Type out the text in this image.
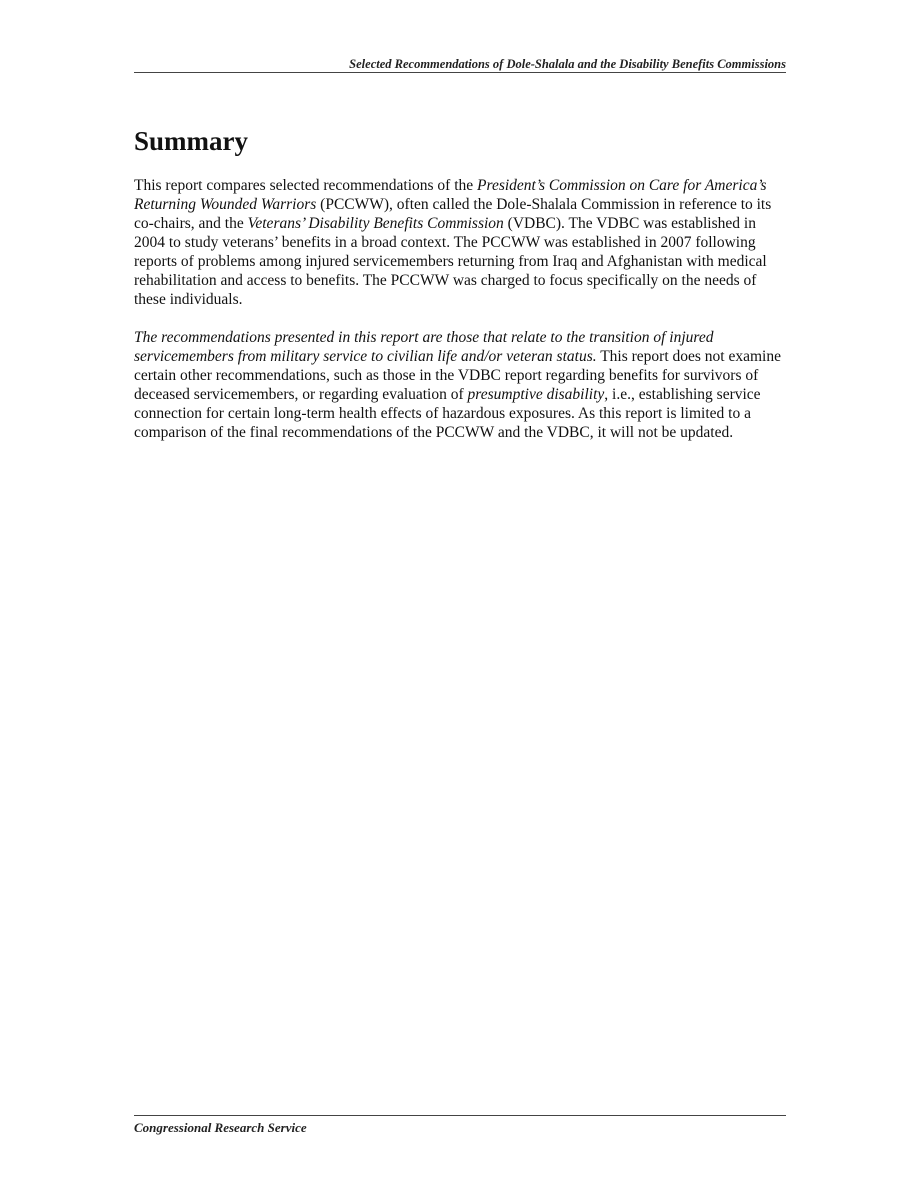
Selected Recommendations of Dole-Shalala and the Disability Benefits Commissions
Summary

This report compares selected recommendations of the President’s Commission on Care for America’s Returning Wounded Warriors (PCCWW), often called the Dole-Shalala Commission in reference to its co-chairs, and the Veterans’ Disability Benefits Commission (VDBC). The VDBC was established in 2004 to study veterans’ benefits in a broad context. The PCCWW was established in 2007 following reports of problems among injured servicemembers returning from Iraq and Afghanistan with medical rehabilitation and access to benefits. The PCCWW was charged to focus specifically on the needs of these individuals.

The recommendations presented in this report are those that relate to the transition of injured servicemembers from military service to civilian life and/or veteran status. This report does not examine certain other recommendations, such as those in the VDBC report regarding benefits for survivors of deceased servicemembers, or regarding evaluation of presumptive disability, i.e., establishing service connection for certain long-term health effects of hazardous exposures. As this report is limited to a comparison of the final recommendations of the PCCWW and the VDBC, it will not be updated.

Congressional Research Service
